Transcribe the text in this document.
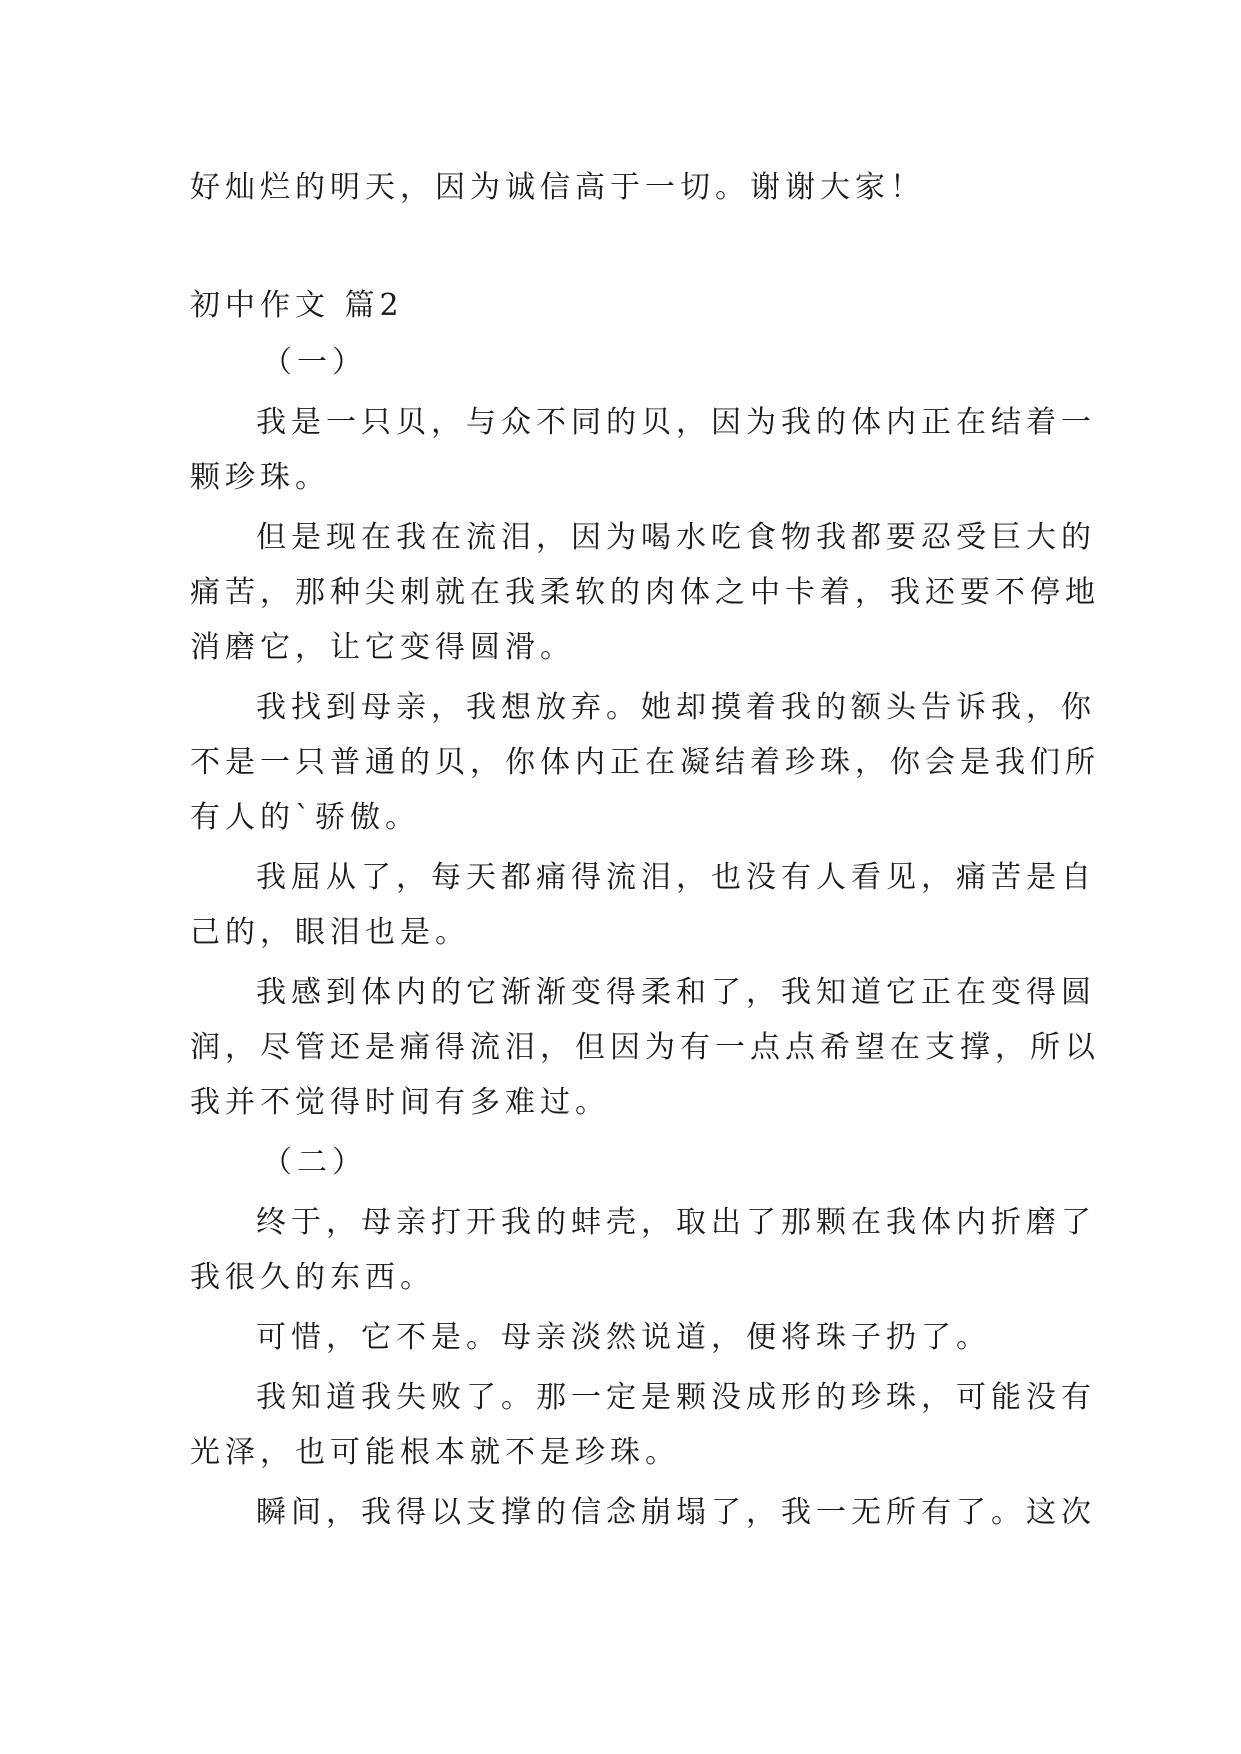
好灿烂的明天，因为诚信高于一切。谢谢大家！

初中作文 篇2

（一）

我是一只贝，与众不同的贝，因为我的体内正在结着一

颗珍珠。

但是现在我在流泪，因为喝水吃食物我都要忍受巨大的

痛苦，那种尖刺就在我柔软的肉体之中卡着，我还要不停地

消磨它，让它变得圆滑。

我找到母亲，我想放弃。她却摸着我的额头告诉我，你

不是一只普通的贝，你体内正在凝结着珍珠，你会是我们所

有人的`骄傲。

我屈从了，每天都痛得流泪，也没有人看见，痛苦是自

己的，眼泪也是。

我感到体内的它渐渐变得柔和了，我知道它正在变得圆

润，尽管还是痛得流泪，但因为有一点点希望在支撑，所以

我并不觉得时间有多难过。

（二）

终于，母亲打开我的蚌壳，取出了那颗在我体内折磨了

我很久的东西。

可惜，它不是。母亲淡然说道，便将珠子扔了。

我知道我失败了。那一定是颗没成形的珍珠，可能没有

光泽，也可能根本就不是珍珠。

瞬间，我得以支撑的信念崩塌了，我一无所有了。这次
